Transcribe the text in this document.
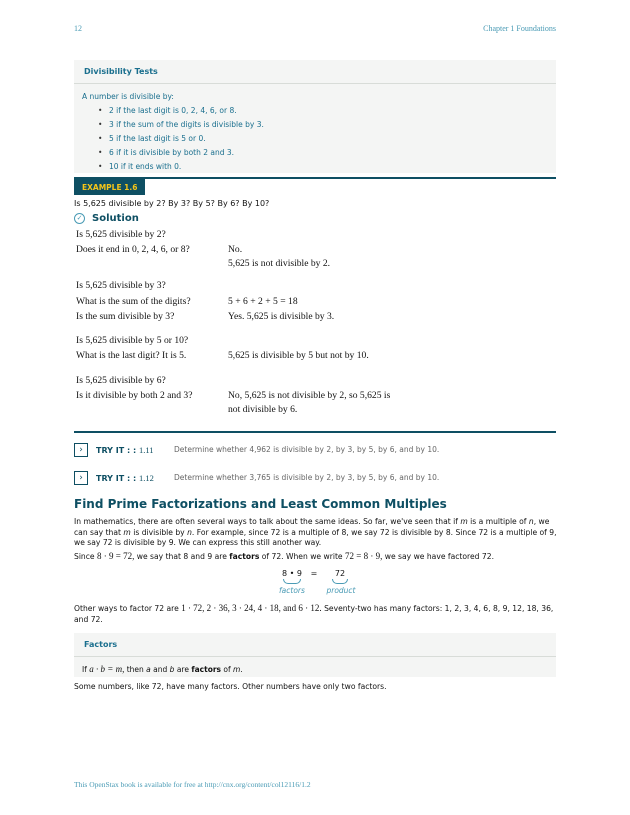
12	Chapter 1 Foundations
Divisibility Tests
A number is divisible by:
• 2 if the last digit is 0, 2, 4, 6, or 8.
• 3 if the sum of the digits is divisible by 3.
• 5 if the last digit is 5 or 0.
• 6 if it is divisible by both 2 and 3.
• 10 if it ends with 0.
EXAMPLE 1.6
Is 5,625 divisible by 2? By 3? By 5? By 6? By 10?
✓ Solution
Is 5,625 divisible by 2?
Does it end in 0, 2, 4, 6, or 8?	No.
5,625 is not divisible by 2.
Is 5,625 divisible by 3?
What is the sum of the digits?	5 + 6 + 2 + 5 = 18
Is the sum divisible by 3?	Yes. 5,625 is divisible by 3.
Is 5,625 divisible by 5 or 10?
What is the last digit? It is 5.	5,625 is divisible by 5 but not by 10.
Is 5,625 divisible by 6?
Is it divisible by both 2 and 3?	No, 5,625 is not divisible by 2, so 5,625 is
not divisible by 6.
›	TRY IT : : 1.11	Determine whether 4,962 is divisible by 2, by 3, by 5, by 6, and by 10.
›	TRY IT : : 1.12	Determine whether 3,765 is divisible by 2, by 3, by 5, by 6, and by 10.
Find Prime Factorizations and Least Common Multiples
In mathematics, there are often several ways to talk about the same ideas. So far, we've seen that if m is a multiple of n, we can say that m is divisible by n. For example, since 72 is a multiple of 8, we say 72 is divisible by 8. Since 72 is a multiple of 9, we say 72 is divisible by 9. We can express this still another way.
Since 8 · 9 = 72, we say that 8 and 9 are factors of 72. When we write 72 = 8 · 9, we say we have factored 72.
8 • 9	=	72
factors	product
Other ways to factor 72 are 1 · 72, 2 · 36, 3 · 24, 4 · 18, and 6 · 12. Seventy-two has many factors: 1, 2, 3, 4, 6, 8, 9, 12, 18, 36, and 72.
Factors
If a · b = m, then a and b are factors of m.
Some numbers, like 72, have many factors. Other numbers have only two factors.
This OpenStax book is available for free at http://cnx.org/content/col12116/1.2
